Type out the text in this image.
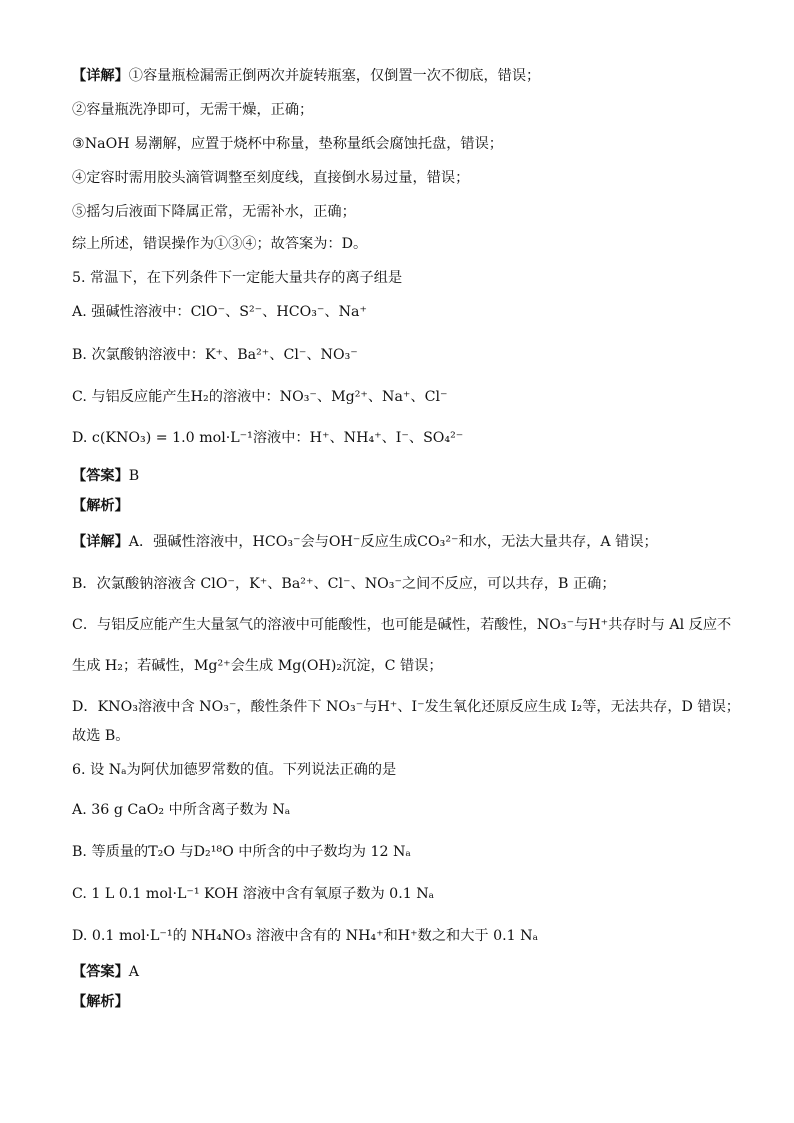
【详解】①容量瓶检漏需正倒两次并旋转瓶塞，仅倒置一次不彻底，错误；
②容量瓶洗净即可，无需干燥，正确；
③NaOH 易潮解，应置于烧杯中称量，垫称量纸会腐蚀托盘，错误；
④定容时需用胶头滴管调整至刻度线，直接倒水易过量，错误；
⑤摇匀后液面下降属正常，无需补水，正确；
综上所述，错误操作为①③④；故答案为：D。
5. 常温下，在下列条件下一定能大量共存的离子组是
A. 强碱性溶液中：ClO⁻、S²⁻、HCO₃⁻、Na⁺
B. 次氯酸钠溶液中：K⁺、Ba²⁺、Cl⁻、NO₃⁻
C. 与铝反应能产生H₂的溶液中：NO₃⁻、Mg²⁺、Na⁺、Cl⁻
D. c(KNO₃) = 1.0 mol·L⁻¹溶液中：H⁺、NH₄⁺、I⁻、SO₄²⁻
【答案】B
【解析】
【详解】A．强碱性溶液中，HCO₃⁻会与OH⁻反应生成CO₃²⁻和水，无法大量共存，A 错误；
B．次氯酸钠溶液含 ClO⁻，K⁺、Ba²⁺、Cl⁻、NO₃⁻之间不反应，可以共存，B 正确；
C．与铝反应能产生大量氢气的溶液中可能酸性，也可能是碱性，若酸性，NO₃⁻与H⁺共存时与 Al 反应不
生成 H₂；若碱性，Mg²⁺会生成 Mg(OH)₂沉淀，C 错误；
D．KNO₃溶液中含 NO₃⁻，酸性条件下 NO₃⁻与H⁺、I⁻发生氧化还原反应生成 I₂等，无法共存，D 错误；
故选 B。
6. 设 Nₐ为阿伏加德罗常数的值。下列说法正确的是
A. 36 g CaO₂ 中所含离子数为 Nₐ
B. 等质量的T₂O 与D₂¹⁸O 中所含的中子数均为 12 Nₐ
C. 1 L 0.1 mol·L⁻¹ KOH 溶液中含有氧原子数为 0.1 Nₐ
D. 0.1 mol·L⁻¹的 NH₄NO₃ 溶液中含有的 NH₄⁺和H⁺数之和大于 0.1 Nₐ
【答案】A
【解析】
